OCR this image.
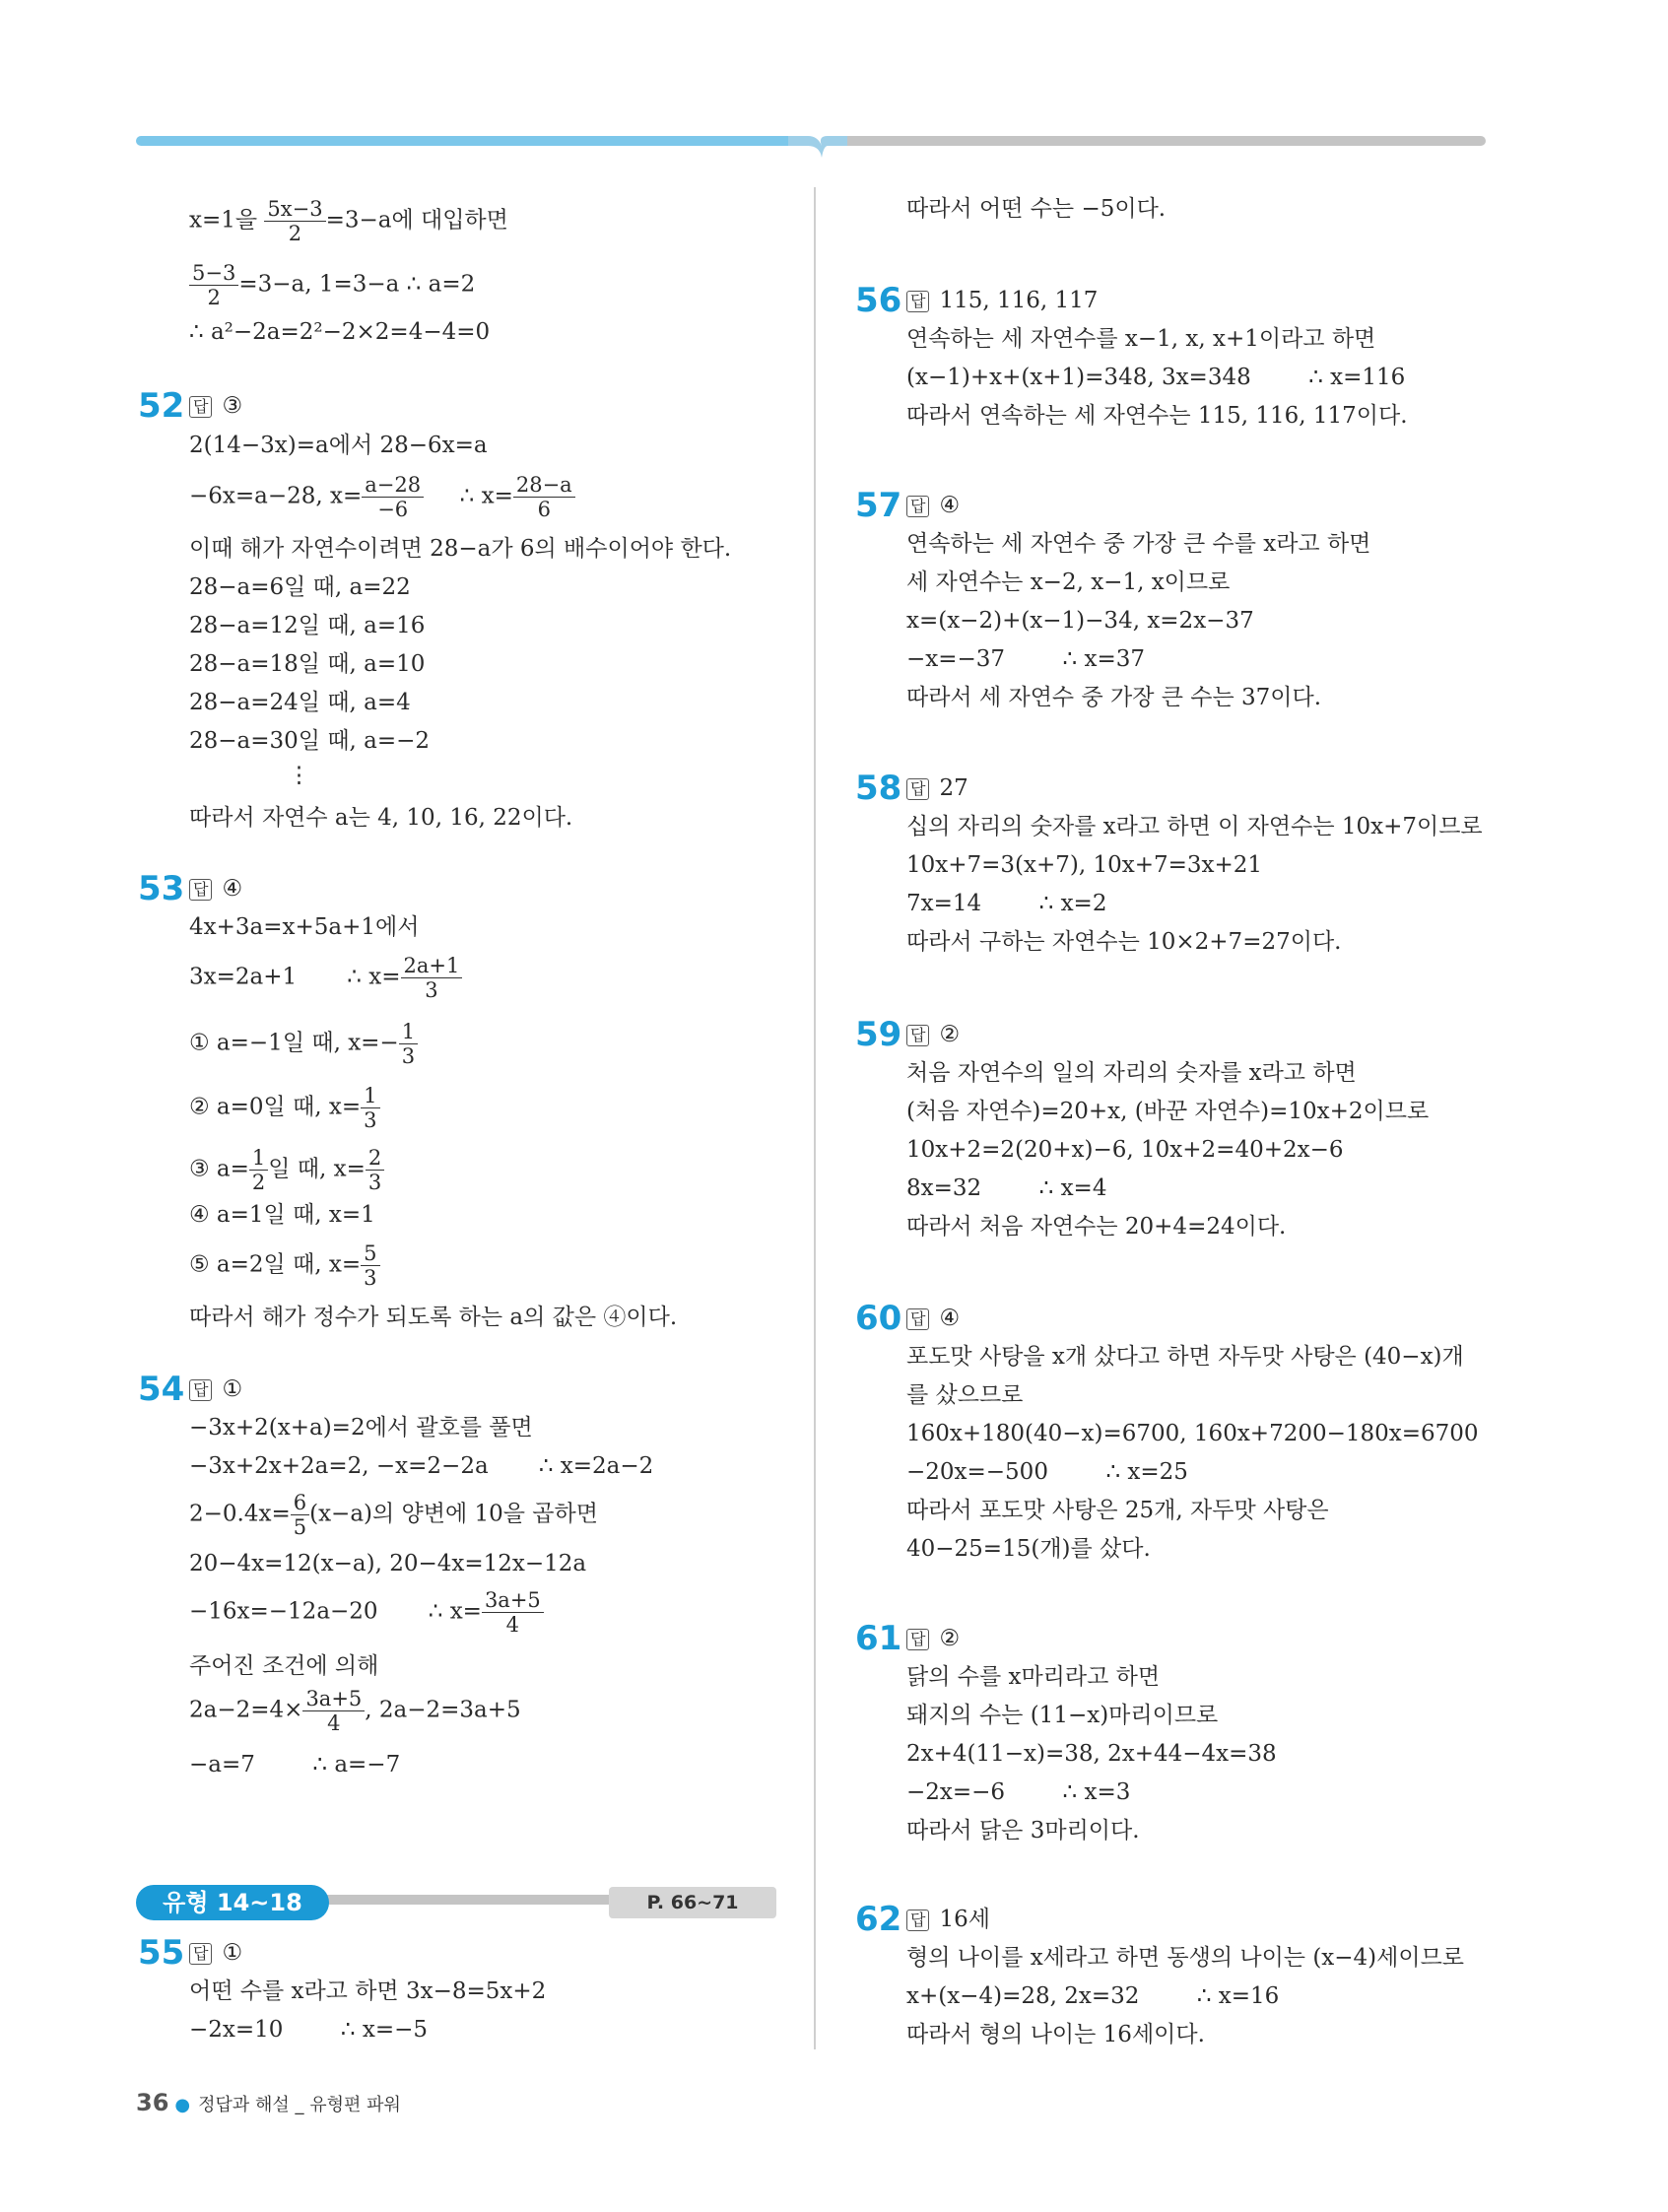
x=1을 $\frac{5x-3}{2} =3-a$에 대입하면
$\frac{5-3}{2} =3-a$, 1=3−a ∴ a=2
∴ a²−2a=2²−2×2=4−4=0
52 답 ③
2(14−3x)=a에서 28−6x=a
−6x=a−28, $x= \frac{a-28}{-6}$ ∴ $x= \frac{28-a}{6}$
이때 해가 자연수이려면 28−a가 6의 배수이어야 한다.
28−a=6일 때, a=22
28−a=12일 때, a=16
28−a=18일 때, a=10
28−a=24일 때, a=4
28−a=30일 때, a=−2
⋮
따라서 자연수 a는 4, 10, 16, 22이다.
53 답 ④
4x+3a=x+5a+1에서
3x=2a+1       ∴ $x= \frac{2a+1}{3}$
① a=−1일 때, $x=- \frac{1}{3}$
② a=0일 때, $x= \frac{1}{3}$
③ $a= \frac{1}{2}$ 일 때, $x= \frac{2}{3}$
④ a=1일 때, x=1
⑤ a=2일 때, $x= \frac{5}{3}$
따라서 해가 정수가 되도록 하는 a의 값은 ④이다.
54 답 ①
−3x+2(x+a)=2에서 괄호를 풀면
−3x+2x+2a=2, −x=2−2a       ∴ x=2a−2
$2-0.4x= \frac{6}{5} (x-a)$의 양변에 10을 곱하면
20−4x=12(x−a), 20−4x=12x−12a
−16x=−12a−20       ∴ $x= \frac{3a+5}{4}$
주어진 조건에 의해
$2a-2=4\times \frac{3a+5}{4}$ , 2a−2=3a+5
−a=7        ∴ a=−7
55 답 ①
어떤 수를 x라고 하면 3x−8=5x+2
−2x=10        ∴ x=−5
유형 14~18	P. 66~71
따라서 어떤 수는 −5이다.
56 답 115, 116, 117
연속하는 세 자연수를 x−1, x, x+1이라고 하면
(x−1)+x+(x+1)=348, 3x=348        ∴ x=116
따라서 연속하는 세 자연수는 115, 116, 117이다.
57 답 ④
연속하는 세 자연수 중 가장 큰 수를 x라고 하면
세 자연수는 x−2, x−1, x이므로
x=(x−2)+(x−1)−34, x=2x−37
−x=−37        ∴ x=37
따라서 세 자연수 중 가장 큰 수는 37이다.
58 답 27
십의 자리의 숫자를 x라고 하면 이 자연수는 10x+7이므로
10x+7=3(x+7), 10x+7=3x+21
7x=14        ∴ x=2
따라서 구하는 자연수는 10×2+7=27이다.
59 답 ②
처음 자연수의 일의 자리의 숫자를 x라고 하면
(처음 자연수)=20+x, (바꾼 자연수)=10x+2이므로
10x+2=2(20+x)−6, 10x+2=40+2x−6
8x=32        ∴ x=4
따라서 처음 자연수는 20+4=24이다.
60 답 ④
포도맛 사탕을 x개 샀다고 하면 자두맛 사탕은 (40−x)개
를 샀으므로
160x+180(40−x)=6700, 160x+7200−180x=6700
−20x=−500        ∴ x=25
따라서 포도맛 사탕은 25개, 자두맛 사탕은
40−25=15(개)를 샀다.
61 답 ②
닭의 수를 x마리라고 하면
돼지의 수는 (11−x)마리이므로
2x+4(11−x)=38, 2x+44−4x=38
−2x=−6        ∴ x=3
따라서 닭은 3마리이다.
62 답 16세
형의 나이를 x세라고 하면 동생의 나이는 (x−4)세이므로
x+(x−4)=28, 2x=32        ∴ x=16
따라서 형의 나이는 16세이다.
36 ● 정답과 해설 _ 유형편 파워
